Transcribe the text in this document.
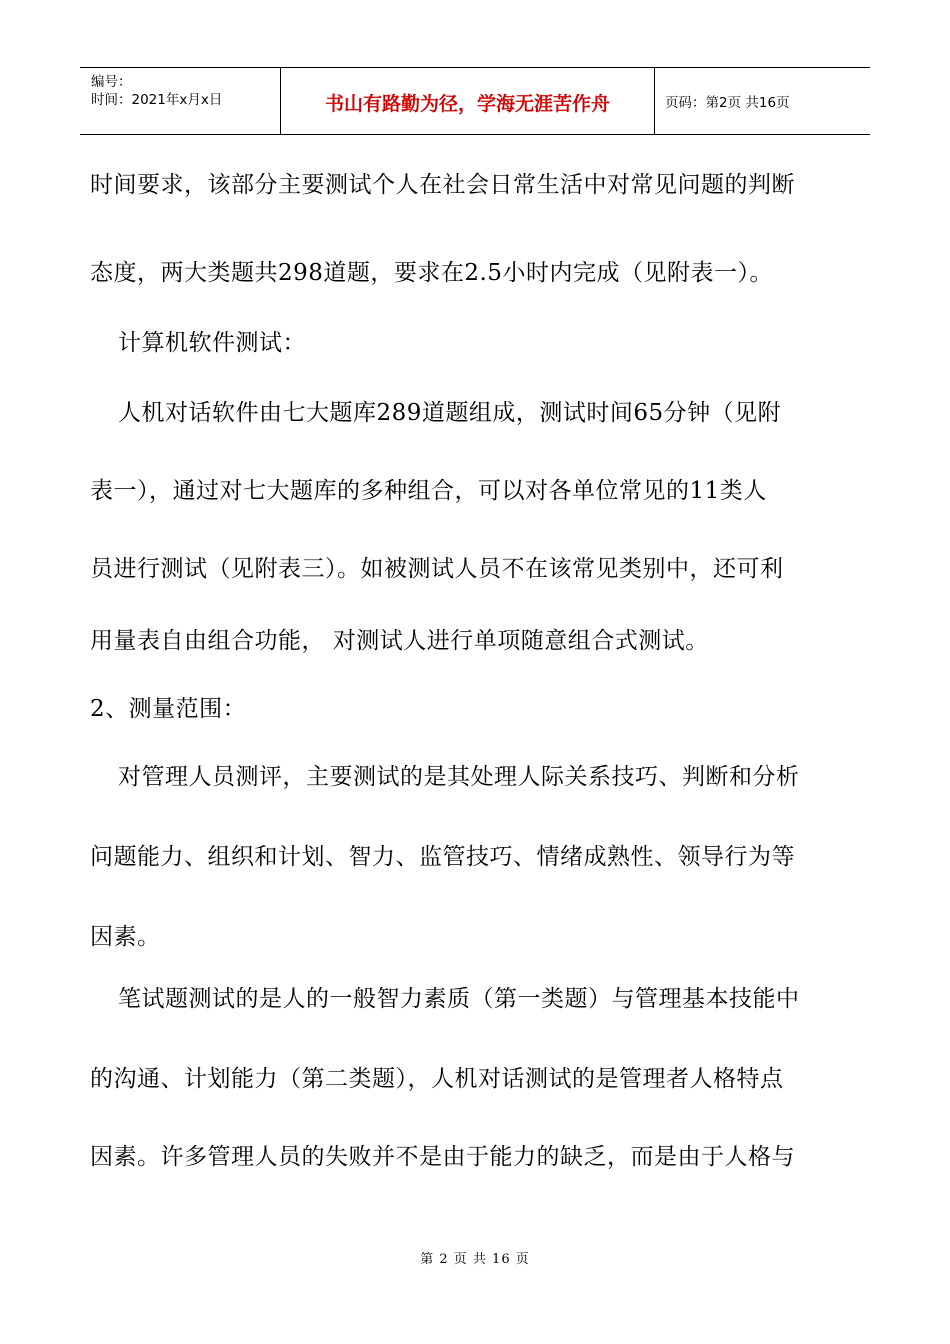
编号：
时间：2021年x月x日	书山有路勤为径，学海无涯苦作舟	页码：第2页 共16页
时间要求，该部分主要测试个人在社会日常生活中对常见问题的判断
态度，两大类题共298道题，要求在2.5小时内完成（见附表一）。
计算机软件测试：
人机对话软件由七大题库289道题组成，测试时间65分钟（见附
表一），通过对七大题库的多种组合，可以对各单位常见的11类人
员进行测试（见附表三）。如被测试人员不在该常见类别中，还可利
用量表自由组合功能， 对测试人进行单项随意组合式测试。
2、测量范围：
对管理人员测评，主要测试的是其处理人际关系技巧、判断和分析
问题能力、组织和计划、智力、监管技巧、情绪成熟性、领导行为等
因素。
笔试题测试的是人的一般智力素质（第一类题）与管理基本技能中
的沟通、计划能力（第二类题），人机对话测试的是管理者人格特点
因素。许多管理人员的失败并不是由于能力的缺乏，而是由于人格与
第 2 页 共 16 页
